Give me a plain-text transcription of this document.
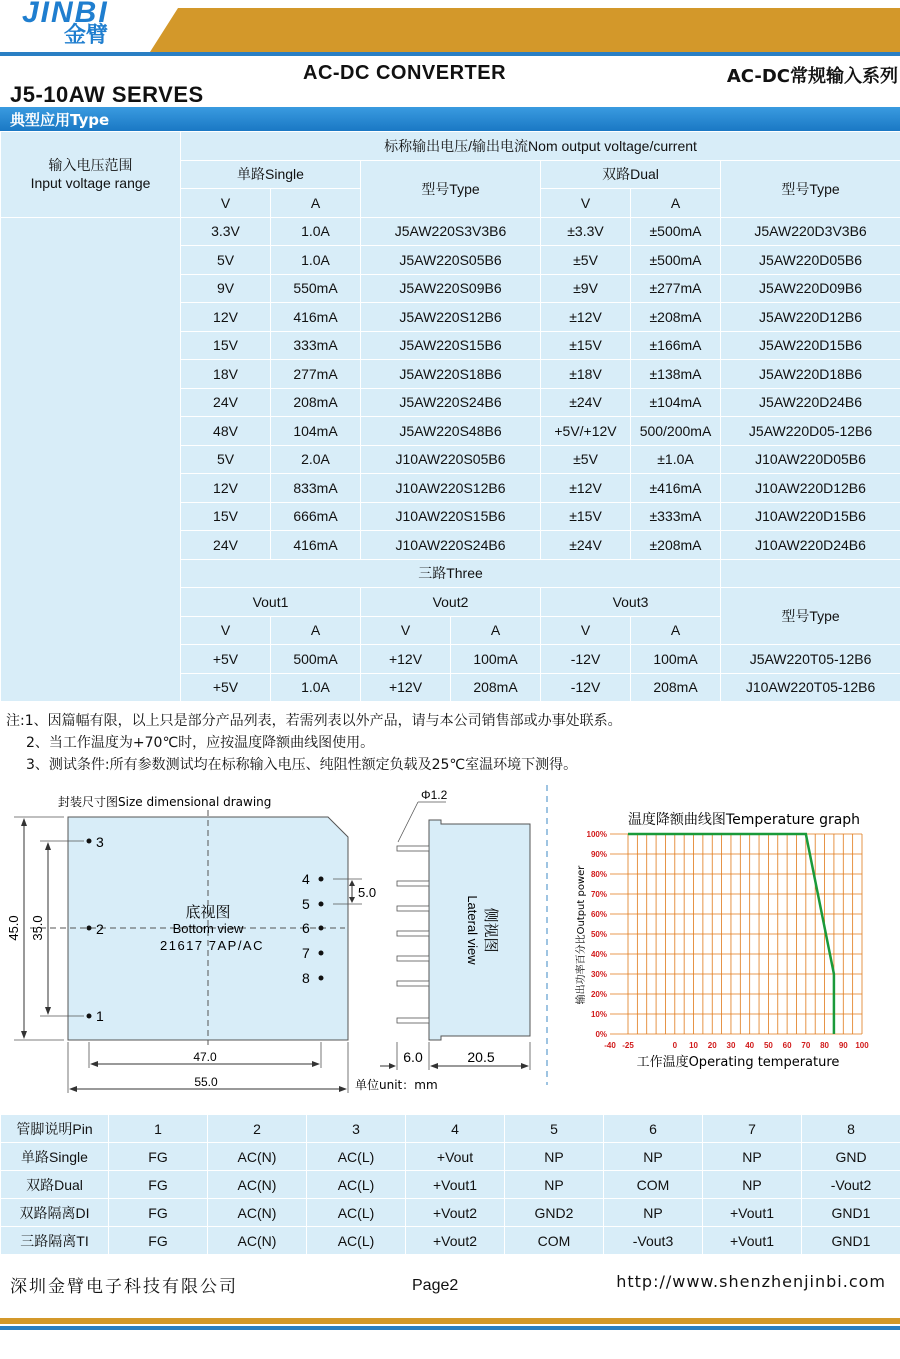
JINBI
金臂
AC-DC CONVERTER	AC-DC常规输入系列
J5-10AW SERVES
典型应用Type
输入电压范围
Input voltage range	标称输出电压/输出电流Nom output voltage/current						
	单路Single		型号Type		双路Dual		型号Type
	V	A			V	A	
	3.3V	1.0A	J5AW220S3V3B6		±3.3V	±500mA	J5AW220D3V3B6
	5V	1.0A	J5AW220S05B6		±5V	±500mA	J5AW220D05B6
	9V	550mA	J5AW220S09B6		±9V	±277mA	J5AW220D09B6
	12V	416mA	J5AW220S12B6		±12V	±208mA	J5AW220D12B6
	15V	333mA	J5AW220S15B6		±15V	±166mA	J5AW220D15B6
	18V	277mA	J5AW220S18B6		±18V	±138mA	J5AW220D18B6
	24V	208mA	J5AW220S24B6		±24V	±104mA	J5AW220D24B6
	48V	104mA	J5AW220S48B6		+5V/+12V	500/200mA	J5AW220D05-12B6
	5V	2.0A	J10AW220S05B6		±5V	±1.0A	J10AW220D05B6
	12V	833mA	J10AW220S12B6		±12V	±416mA	J10AW220D12B6
	15V	666mA	J10AW220S15B6		±15V	±333mA	J10AW220D15B6
	24V	416mA	J10AW220S24B6		±24V	±208mA	J10AW220D24B6
	三路Three						
	Vout1		Vout2		Vout3		型号Type
	V	A	V	A	V	A	
	+5V	500mA	+12V	100mA	-12V	100mA	J5AW220T05-12B6
	+5V	1.0A	+12V	208mA	-12V	208mA	J10AW220T05-12B6
注:1、因篇幅有限，以上只是部分产品列表，若需列表以外产品，请与本公司销售部或办事处联系。
2、当工作温度为+70℃时，应按温度降额曲线图使用。
3、测试条件:所有参数测试均在标称输入电压、纯阻性额定负载及25℃室温环境下测得。
封装尺寸图Size dimensional drawing
3
2
1
4
5
6
7
8
底视图
Bottom view
21617 7AP/AC
45.0 35.0
47.0
55.0
5.0
侧视图
Lateral view
Φ1.2
6.0	20.5
单位unit：mm
温度降额曲线图Temperature graph
0%
10%
20%
30%
40%
50%
60%
70%
80%
90%
100%
-40 -25	0 10 20 30 40 50 60 70 80 90 100
输出功率百分比Output power
工作温度Operating temperature
管脚说明Pin	1	2	3	4	5	6	7	8
单路Single	FG	AC(N)	AC(L)	+Vout	NP	NP	NP	GND
双路Dual	FG	AC(N)	AC(L)	+Vout1	NP	COM	NP	-Vout2
双路隔离DI	FG	AC(N)	AC(L)	+Vout2	GND2	NP	+Vout1	GND1
三路隔离TI	FG	AC(N)	AC(L)	+Vout2	COM	-Vout3	+Vout1	GND1
深圳金臂电子科技有限公司	Page2	http://www.shenzhenjinbi.com
